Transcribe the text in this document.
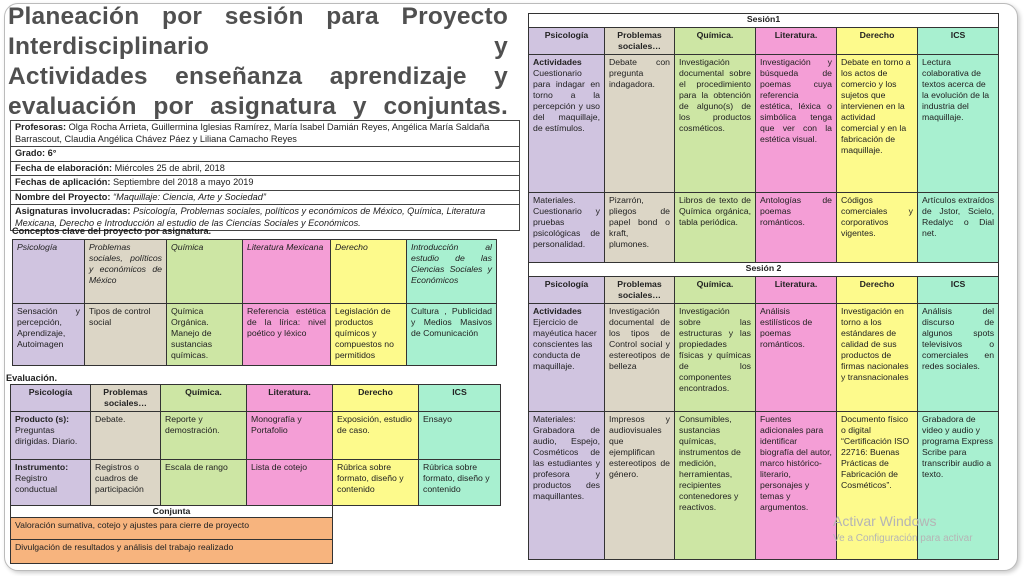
Planeación por sesión para Proyecto
Interdisciplinario y
Actividades enseñanza aprendizaje y
evaluación por asignatura y conjuntas.
Profesoras: Olga Rocha Arrieta, Guillermina Iglesias Ramírez, María Isabel Damián Reyes, Angélica María Saldaña Barrascout, Claudia Angélica Chávez Páez y Liliana Camacho Reyes
Grado: 6°
Fecha de elaboración: Miércoles 25 de abril, 2018
Fechas de aplicación: Septiembre del 2018 a mayo 2019
Nombre del Proyecto: “Maquillaje: Ciencia, Arte y Sociedad”
Asignaturas involucradas: Psicología, Problemas sociales, políticos y económicos de México, Química, Literatura Mexicana, Derecho e Introducción al estudio de las Ciencias Sociales y Económicos.
Conceptos clave del proyecto por asignatura.
Psicología	Problemas sociales, políticos y económicos de México	Química	Literatura Mexicana	Derecho	Introducción al estudio de las Ciencias Sociales y Económicos
Sensación y percepción, Aprendizaje, Autoimagen	Tipos de control social	Química Orgánica. Manejo de sustancias químicas.	Referencia estética de la lírica: nivel poético y léxico	Legislación de productos químicos y compuestos no permitidos	Cultura , Publicidad y Medios Masivos de Comunicación
Evaluación.
Psicología	Problemas sociales…	Química.	Literatura.	Derecho	ICS
Producto (s):
Preguntas dirigidas. Diario.	Debate.	Reporte y demostración.	Monografía y Portafolio	Exposición, estudio de caso.	Ensayo
Instrumento:
Registro conductual	Registros o cuadros de participación	Escala de rango	Lista de cotejo	Rúbrica sobre formato, diseño y contenido	Rúbrica sobre formato, diseño y contenido
Conjunta					
Valoración sumativa, cotejo y ajustes para cierre de proyecto					
Divulgación de resultados y análisis del trabajo realizado					
Sesión1					
Psicología	Problemas sociales…	Química.	Literatura.	Derecho	ICS
Actividades
Cuestionario para indagar en torno a la percepción y uso del maquillaje, de estímulos.	Debate con pregunta indagadora.	Investigación documental sobre el procedimiento para la obtención de alguno(s) de los productos cosméticos.	Investigación y búsqueda de poemas cuya referencia estética, léxica o simbólica tenga que ver con la estética visual.	Debate en torno a los actos de comercio y los sujetos que intervienen en la actividad comercial y en la fabricación de maquillaje.	Lectura colaborativa de textos acerca de la evolución de la industria del maquillaje.
Materiales. Cuestionario y pruebas psicológicas de personalidad.	Pizarrón, pliegos de papel bond o kraft, plumones.	Libros de texto de Química orgánica, tabla periódica.	Antologías de poemas románticos.	Códigos comerciales y corporativos vigentes.	Artículos extraídos de Jstor, Scielo, Redalyc o Dial net.
Sesión 2					
Psicología	Problemas sociales…	Química.	Literatura.	Derecho	ICS
Actividades
Ejercicio de mayéutica hacer conscientes las conducta de maquillaje.	Investigación documental de los tipos de Control social y estereotipos de belleza	Investigación sobre las estructuras y las propiedades físicas y químicas de los componentes encontrados.	Análisis estilísticos de poemas románticos.	Investigación en torno a los estándares de calidad de sus productos de firmas nacionales y transnacionales	Análisis del discurso de algunos spots televisivos o comerciales en redes sociales.
Materiales: Grabadora de audio, Espejo, Cosméticos de las estudiantes y profesora y productos des maquillantes.	Impresos y audiovisuales que ejemplifican estereotipos de género.	Consumibles, sustancias químicas, instrumentos de medición, herramientas, recipientes contenedores y reactivos.	Fuentes adicionales para identificar biografía del autor, marco histórico-literario, personajes y temas y argumentos.	Documento físico o digital “Certificación ISO 22716: Buenas Prácticas de Fabricación de Cosméticos”.	Grabadora de video y audio y programa Express Scribe para transcribir audio a texto.
Activar Windows
Ve a Configuración para activar
